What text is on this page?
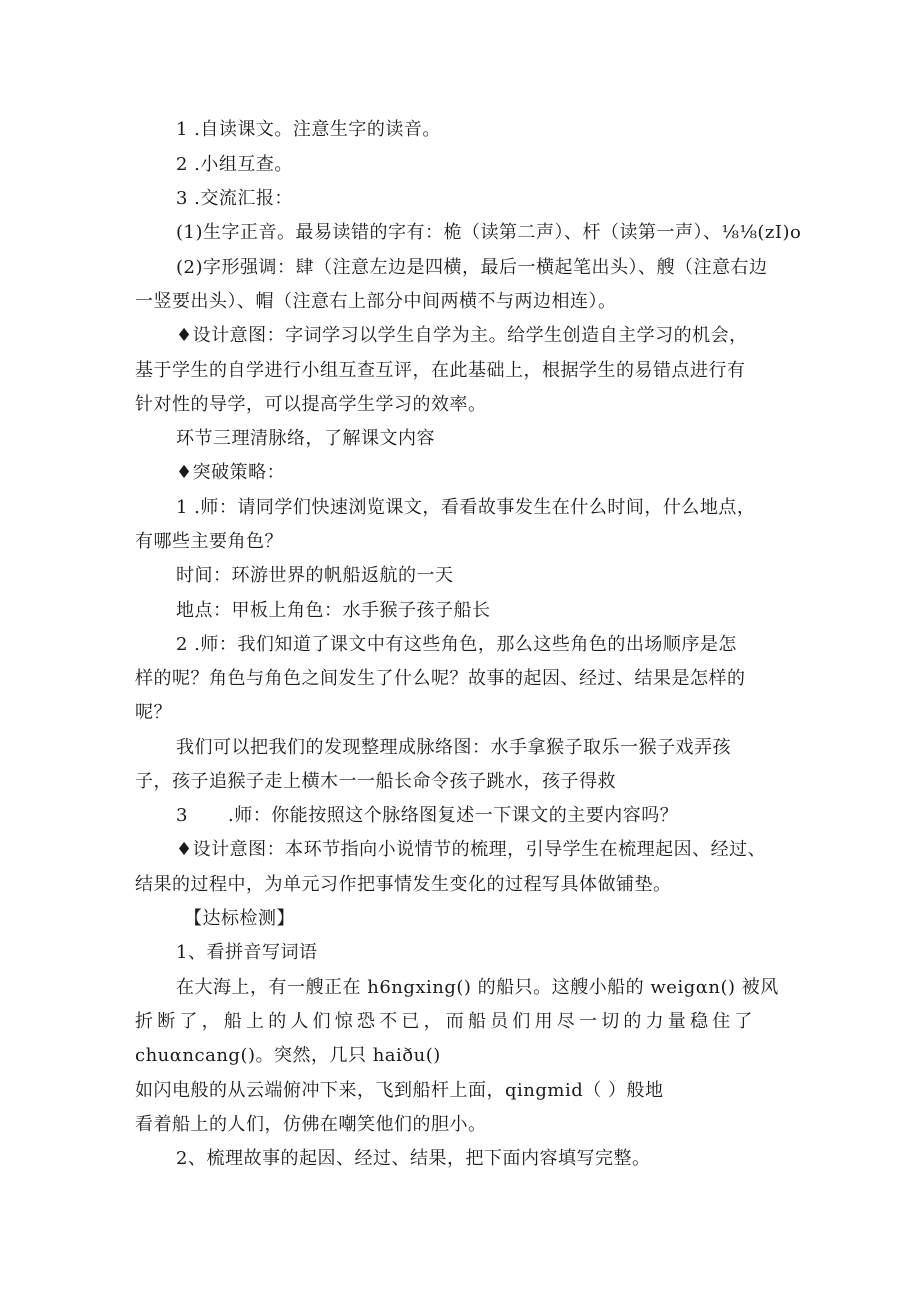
1 .自读课文。注意生字的读音。
2 .小组互查。
3 .交流汇报：
(1)生字正音。最易读错的字有：桅（读第二声）、杆（读第一声）、⅛⅛(zI)o
(2)字形强调：肆（注意左边是四横，最后一横起笔出头）、艘（注意右边
一竖要出头）、帽（注意右上部分中间两横不与两边相连）。
♦设计意图：字词学习以学生自学为主。给学生创造自主学习的机会，
基于学生的自学进行小组互查互评，在此基础上，根据学生的易错点进行有
针对性的导学，可以提高学生学习的效率。
环节三理清脉络，了解课文内容
♦突破策略：
1 .师：请同学们快速浏览课文，看看故事发生在什么时间，什么地点，
有哪些主要角色？
时间：环游世界的帆船返航的一天
地点：甲板上角色：水手猴子孩子船长
2 .师：我们知道了课文中有这些角色，那么这些角色的出场顺序是怎
样的呢？角色与角色之间发生了什么呢？故事的起因、经过、结果是怎样的
呢？
我们可以把我们的发现整理成脉络图：水手拿猴子取乐一猴子戏弄孩
子，孩子追猴子走上横木一一船长命令孩子跳水，孩子得救
3 .师：你能按照这个脉络图复述一下课文的主要内容吗？
♦设计意图：本环节指向小说情节的梳理，引导学生在梳理起因、经过、
结果的过程中，为单元习作把事情发生变化的过程写具体做铺垫。
【达标检测】
1、看拼音写词语
在大海上，有一艘正在 h6ngxing() 的船只。这艘小船的 weigαn() 被风
折断了，船上的人们惊恐不已，而船员们用尽一切的力量稳住了
chuαncang()。突然，几只 haiðu()
如闪电般的从云端俯冲下来，飞到船杆上面，qingmid（ ）般地
看着船上的人们，仿佛在嘲笑他们的胆小。
2、梳理故事的起因、经过、结果，把下面内容填写完整。
